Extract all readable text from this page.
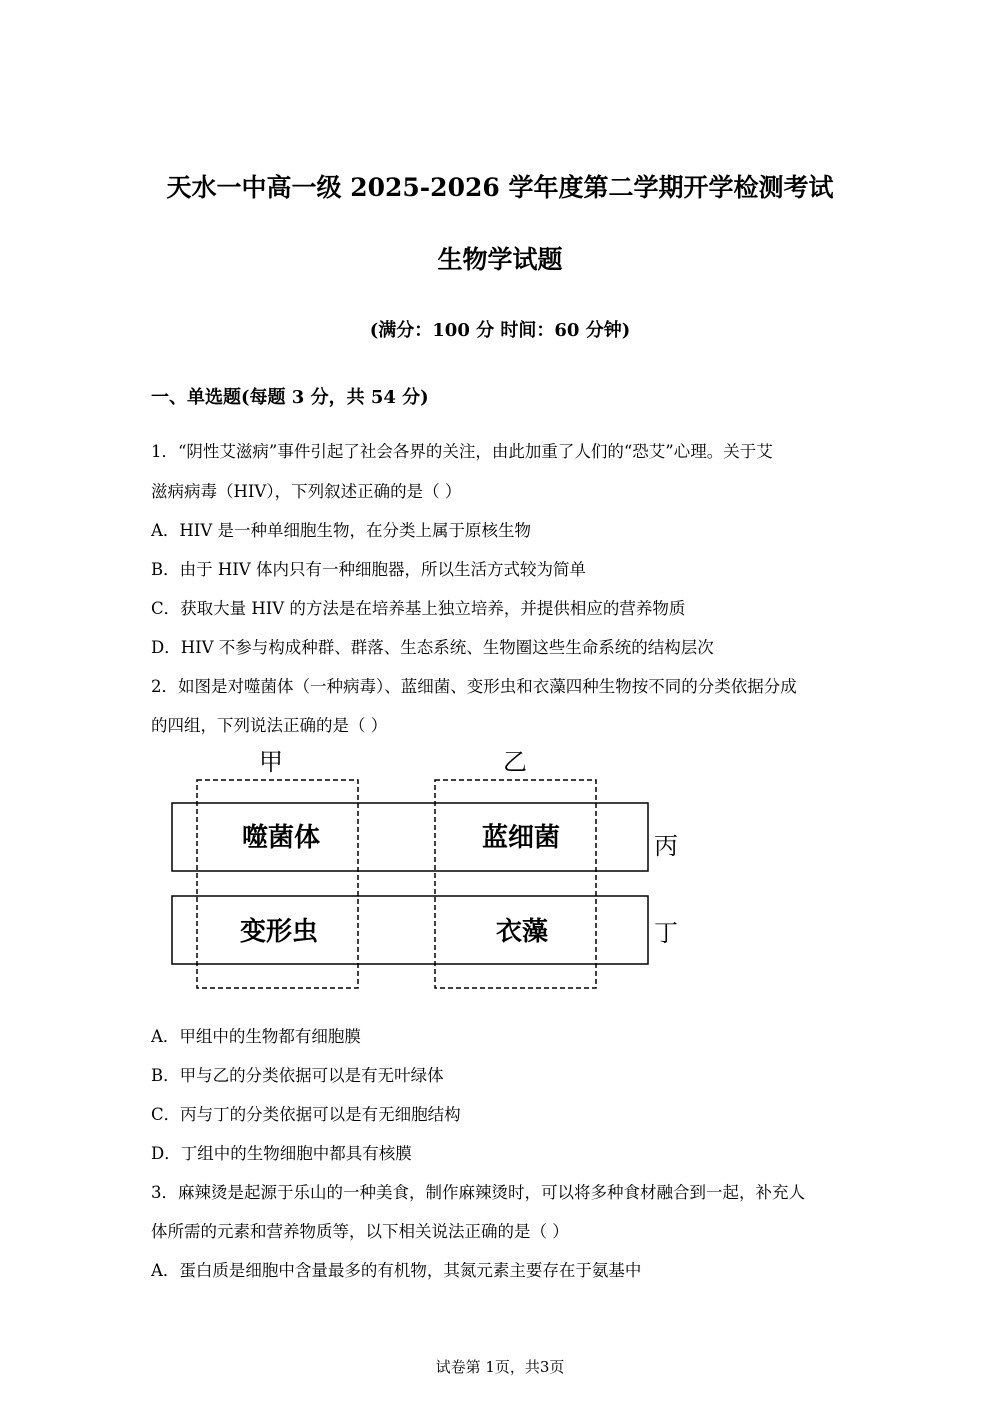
天水一中高一级 2025-2026 学年度第二学期开学检测考试
生物学试题
(满分：100 分 时间：60 分钟)
一、单选题(每题 3 分，共 54 分)
1．“阴性艾滋病”事件引起了社会各界的关注，由此加重了人们的“恐艾”心理。关于艾
滋病病毒（HIV），下列叙述正确的是（ ）
A．HIV 是一种单细胞生物，在分类上属于原核生物
B．由于 HIV 体内只有一种细胞器，所以生活方式较为简单
C．获取大量 HIV 的方法是在培养基上独立培养，并提供相应的营养物质
D．HIV 不参与构成种群、群落、生态系统、生物圈这些生命系统的结构层次
2．如图是对噬菌体（一种病毒）、蓝细菌、变形虫和衣藻四种生物按不同的分类依据分成
的四组，下列说法正确的是（ ）
甲	乙
丙
丁
噬菌体	蓝细菌
变形虫	衣藻
A．甲组中的生物都有细胞膜
B．甲与乙的分类依据可以是有无叶绿体
C．丙与丁的分类依据可以是有无细胞结构
D．丁组中的生物细胞中都具有核膜
3．麻辣烫是起源于乐山的一种美食，制作麻辣烫时，可以将多种食材融合到一起，补充人
体所需的元素和营养物质等，以下相关说法正确的是（ ）
A．蛋白质是细胞中含量最多的有机物，其氮元素主要存在于氨基中
试卷第 1页，共3页
